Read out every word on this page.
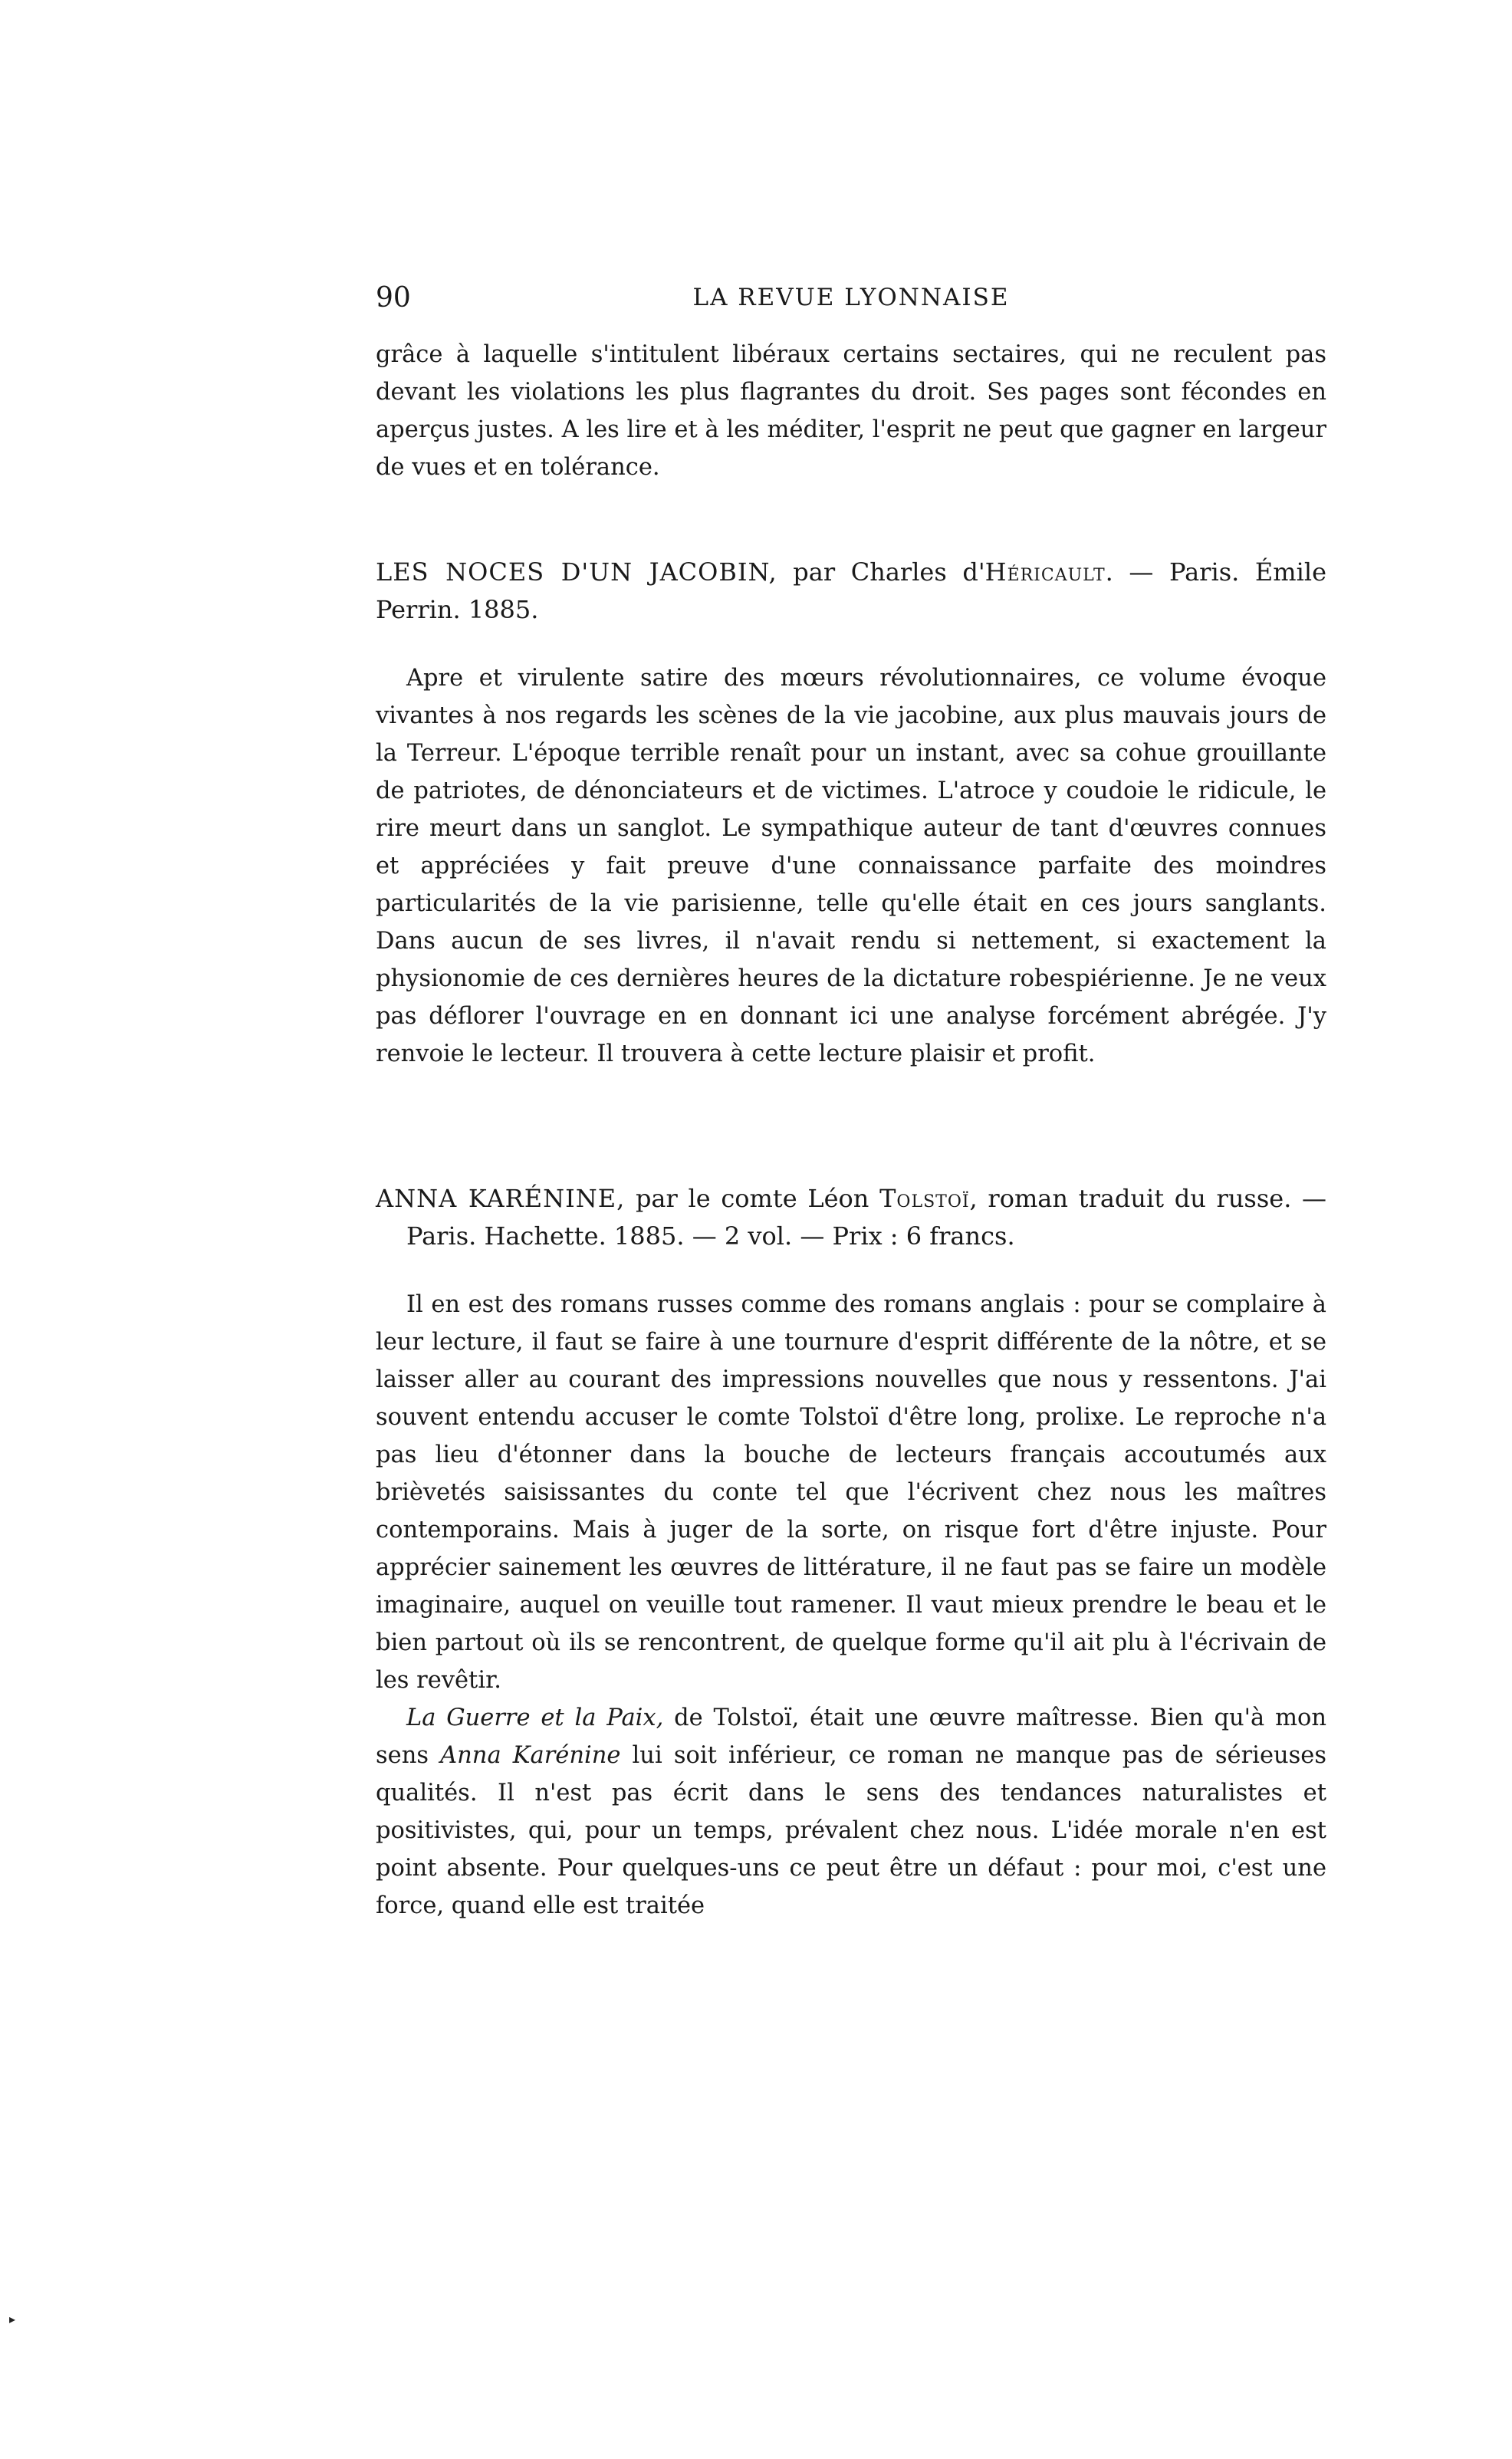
90	LA REVUE LYONNAISE

grâce à laquelle s'intitulent libéraux certains sectaires, qui ne reculent pas devant les violations les plus flagrantes du droit. Ses pages sont fécondes en aperçus justes. A les lire et à les méditer, l'esprit ne peut que gagner en largeur de vues et en tolérance.

LES NOCES D'UN JACOBIN, par Charles d'Héricault. — Paris. Émile Perrin. 1885.

Apre et virulente satire des mœurs révolutionnaires, ce volume évoque vivantes à nos regards les scènes de la vie jacobine, aux plus mauvais jours de la Terreur. L'époque terrible renaît pour un instant, avec sa cohue grouillante de patriotes, de dénonciateurs et de victimes. L'atroce y coudoie le ridicule, le rire meurt dans un sanglot. Le sympathique auteur de tant d'œuvres connues et appréciées y fait preuve d'une connaissance parfaite des moindres particularités de la vie parisienne, telle qu'elle était en ces jours sanglants. Dans aucun de ses livres, il n'avait rendu si nettement, si exactement la physionomie de ces dernières heures de la dictature robespiérienne. Je ne veux pas déflorer l'ouvrage en en donnant ici une analyse forcément abrégée. J'y renvoie le lecteur. Il trouvera à cette lecture plaisir et profit.

ANNA KARÉNINE, par le comte Léon Tolstoï, roman traduit du russe. — Paris. Hachette. 1885. — 2 vol. — Prix : 6 francs.

Il en est des romans russes comme des romans anglais : pour se complaire à leur lecture, il faut se faire à une tournure d'esprit différente de la nôtre, et se laisser aller au courant des impressions nouvelles que nous y ressentons. J'ai souvent entendu accuser le comte Tolstoï d'être long, prolixe. Le reproche n'a pas lieu d'étonner dans la bouche de lecteurs français accoutumés aux brièvetés saisissantes du conte tel que l'écrivent chez nous les maîtres contemporains. Mais à juger de la sorte, on risque fort d'être injuste. Pour apprécier sainement les œuvres de littérature, il ne faut pas se faire un modèle imaginaire, auquel on veuille tout ramener. Il vaut mieux prendre le beau et le bien partout où ils se rencontrent, de quelque forme qu'il ait plu à l'écrivain de les revêtir.

La Guerre et la Paix, de Tolstoï, était une œuvre maîtresse. Bien qu'à mon sens Anna Karénine lui soit inférieur, ce roman ne manque pas de sérieuses qualités. Il n'est pas écrit dans le sens des tendances naturalistes et positivistes, qui, pour un temps, prévalent chez nous. L'idée morale n'en est point absente. Pour quelques-uns ce peut être un défaut : pour moi, c'est une force, quand elle est traitée

▸
